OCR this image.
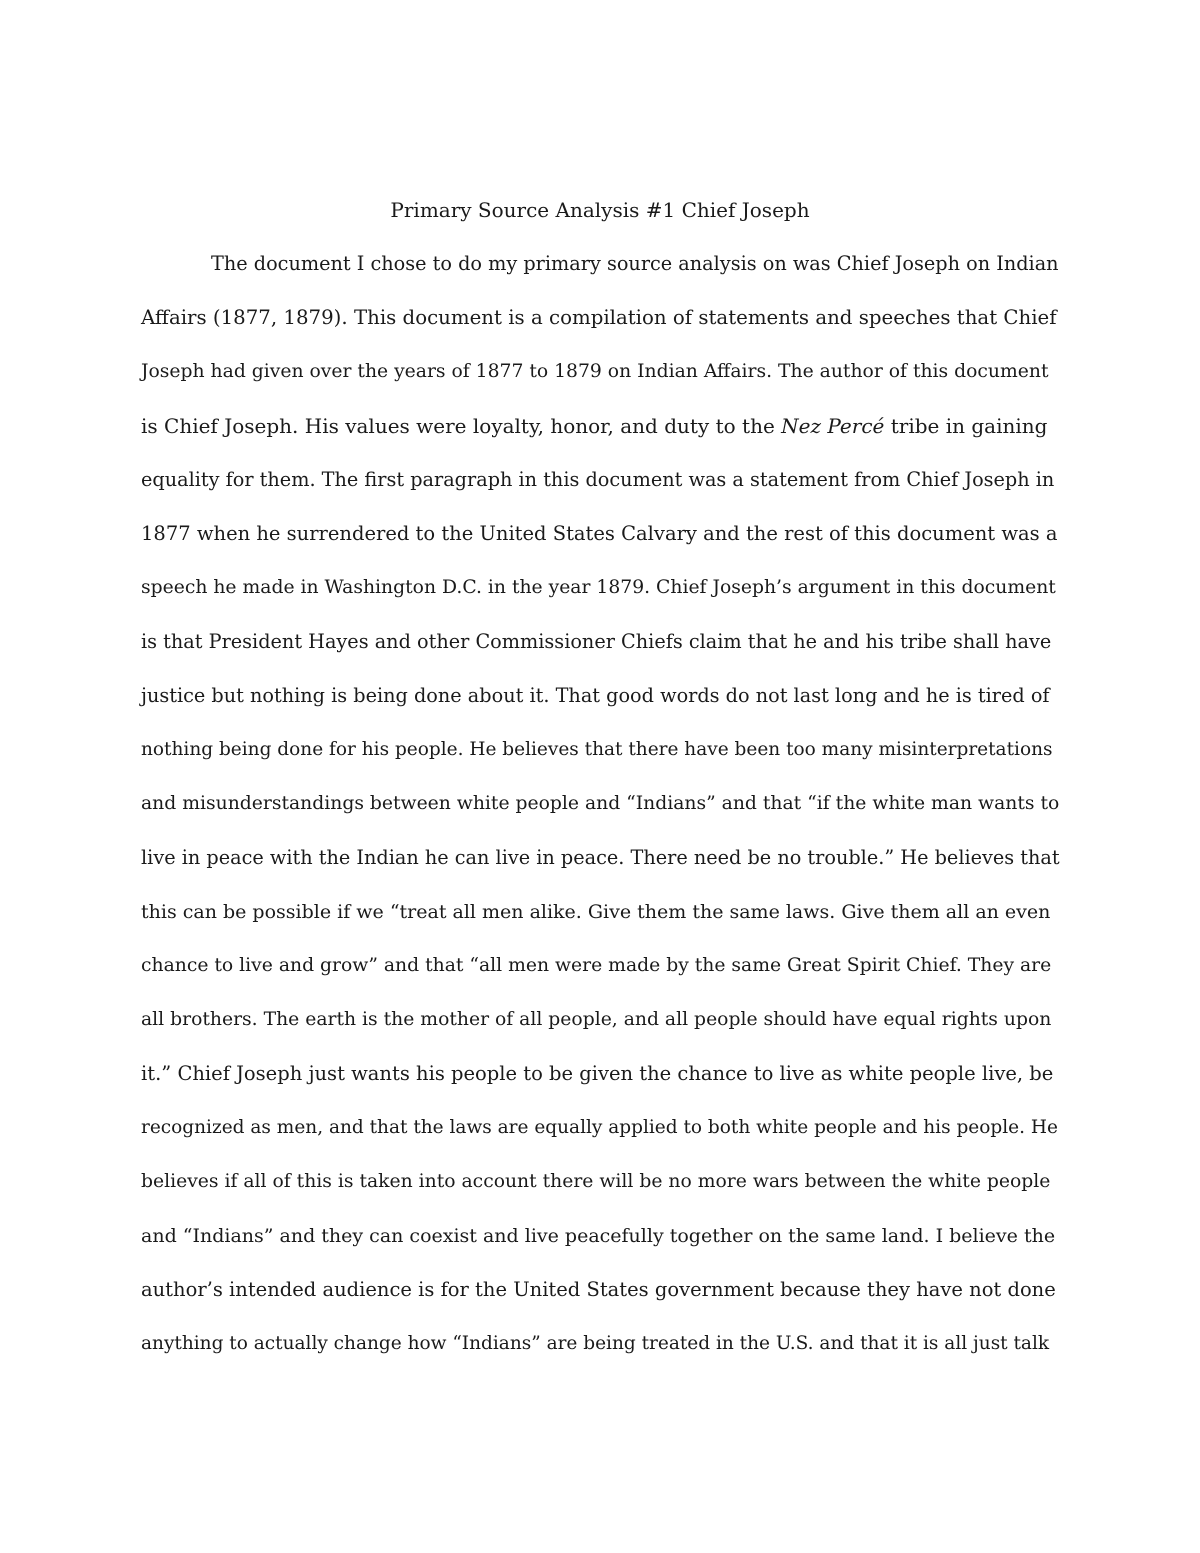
Primary Source Analysis #1 Chief Joseph
The document I chose to do my primary source analysis on was Chief Joseph on Indian
Affairs (1877, 1879). This document is a compilation of statements and speeches that Chief
Joseph had given over the years of 1877 to 1879 on Indian Affairs. The author of this document
is Chief Joseph. His values were loyalty, honor, and duty to the Nez Percé tribe in gaining
equality for them. The first paragraph in this document was a statement from Chief Joseph in
1877 when he surrendered to the United States Calvary and the rest of this document was a
speech he made in Washington D.C. in the year 1879. Chief Joseph’s argument in this document
is that President Hayes and other Commissioner Chiefs claim that he and his tribe shall have
justice but nothing is being done about it. That good words do not last long and he is tired of
nothing being done for his people. He believes that there have been too many misinterpretations
and misunderstandings between white people and “Indians” and that “if the white man wants to
live in peace with the Indian he can live in peace. There need be no trouble.” He believes that
this can be possible if we “treat all men alike. Give them the same laws. Give them all an even
chance to live and grow” and that “all men were made by the same Great Spirit Chief. They are
all brothers. The earth is the mother of all people, and all people should have equal rights upon
it.” Chief Joseph just wants his people to be given the chance to live as white people live, be
recognized as men, and that the laws are equally applied to both white people and his people. He
believes if all of this is taken into account there will be no more wars between the white people
and “Indians” and they can coexist and live peacefully together on the same land. I believe the
author’s intended audience is for the United States government because they have not done
anything to actually change how “Indians” are being treated in the U.S. and that it is all just talk
